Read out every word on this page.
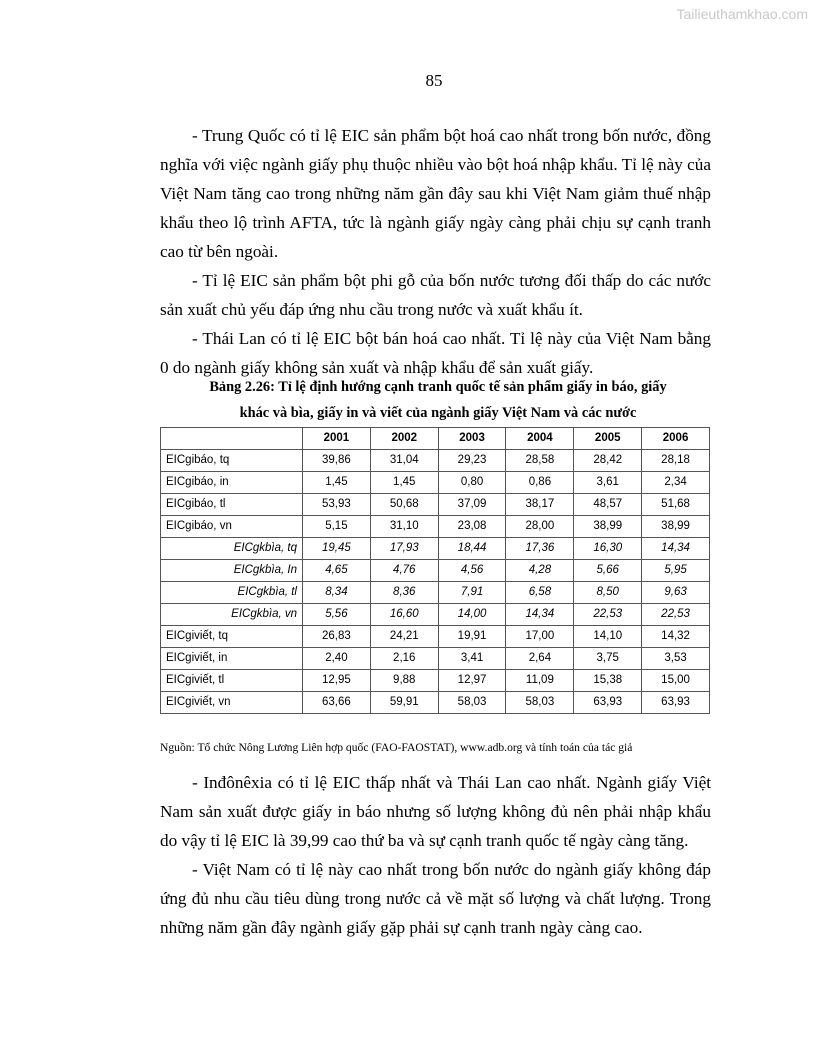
Tailieuthamkhao.com
85

- Trung Quốc có tỉ lệ EIC sản phẩm bột hoá cao nhất trong bốn nước, đồng nghĩa với việc ngành giấy phụ thuộc nhiều vào bột hoá nhập khẩu. Tỉ lệ này của Việt Nam tăng cao trong những năm gần đây sau khi Việt Nam giảm thuế nhập khẩu theo lộ trình AFTA, tức là ngành giấy ngày càng phải chịu sự cạnh tranh cao từ bên ngoài.

- Tỉ lệ EIC sản phẩm bột phi gỗ của bốn nước tương đối thấp do các nước sản xuất chủ yếu đáp ứng nhu cầu trong nước và xuất khẩu ít.

- Thái Lan có tỉ lệ EIC bột bán hoá cao nhất. Tỉ lệ này của Việt Nam bằng 0 do ngành giấy không sản xuất và nhập khẩu để sản xuất giấy.

Bảng 2.26: Tỉ lệ định hướng cạnh tranh quốc tế sản phẩm giấy in báo, giấy
khác và bìa, giấy in và viết của ngành giấy Việt Nam và các nước
	2001	2002	2003	2004	2005	2006
EICgibáo, tq	39,86	31,04	29,23	28,58	28,42	28,18
EICgibáo, in	1,45	1,45	0,80	0,86	3,61	2,34
EICgibáo, tl	53,93	50,68	37,09	38,17	48,57	51,68
EICgibáo, vn	5,15	31,10	23,08	28,00	38,99	38,99
EICgkbìa, tq	19,45	17,93	18,44	17,36	16,30	14,34
EICgkbìa, In	4,65	4,76	4,56	4,28	5,66	5,95
EICgkbìa, tl	8,34	8,36	7,91	6,58	8,50	9,63
EICgkbìa, vn	5,56	16,60	14,00	14,34	22,53	22,53
EICgiviết, tq	26,83	24,21	19,91	17,00	14,10	14,32
EICgiviết, in	2,40	2,16	3,41	2,64	3,75	3,53
EICgiviết, tl	12,95	9,88	12,97	11,09	15,38	15,00
EICgiviết, vn	63,66	59,91	58,03	58,03	63,93	63,93
Nguồn: Tổ chức Nông Lương Liên hợp quốc (FAO-FAOSTAT), www.adb.org và tính toán của tác giả

- Inđônêxia có tỉ lệ EIC thấp nhất và Thái Lan cao nhất. Ngành giấy Việt Nam sản xuất được giấy in báo nhưng số lượng không đủ nên phải nhập khẩu do vậy tỉ lệ EIC là 39,99 cao thứ ba và sự cạnh tranh quốc tế ngày càng tăng.

- Việt Nam có tỉ lệ này cao nhất trong bốn nước do ngành giấy không đáp ứng đủ nhu cầu tiêu dùng trong nước cả về mặt số lượng và chất lượng. Trong những năm gần đây ngành giấy gặp phải sự cạnh tranh ngày càng cao.
